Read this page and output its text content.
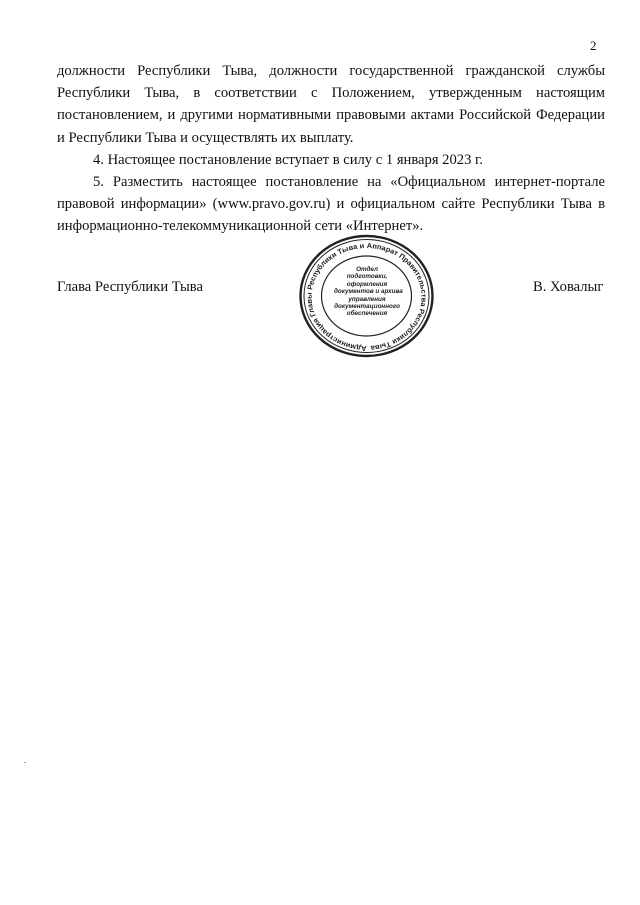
2

должности Республики Тыва, должности государственной гражданской службы Республики Тыва, в соответствии с Положением, утвержденным настоящим постановлением, и другими нормативными правовыми актами Российской Федерации и Республики Тыва и осуществлять их выплату.

4. Настоящее постановление вступает в силу с 1 января 2023 г.

5. Разместить настоящее постановление на «Официальном интернет-портале правовой информации» (www.pravo.gov.ru) и официальном сайте Республики Тыва в информационно-телекоммуникационной сети «Интернет».

Глава Республики Тыва
Администрация Главы Республики Тыва и Аппарат Правительства Республики Тыва
Отдел
подготовки,
оформления
документов и архива
управления
документационного
обеспечения
В. Ховалыг
